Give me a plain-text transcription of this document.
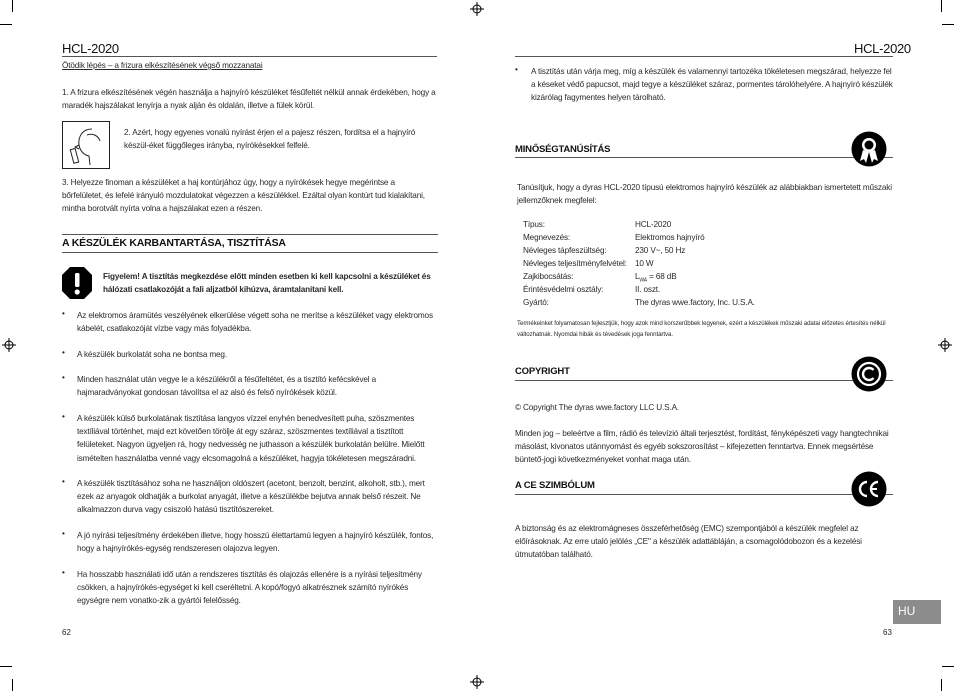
HCL-2020
Ötödik lépés – a frizura elkészítésének végső mozzanatai
1. A frizura elkészítésének végén használja a hajnyíró készüléket fésűfeltét nélkül annak érdekében, hogy a maradék hajszálakat lenyírja a nyak alján és oldalán, illetve a fülek körül.
2. Azért, hogy egyenes vonalú nyírást érjen el a pajesz részen, fordítsa el a hajnyíró készül-éket függőleges irányba, nyírókésekkel felfelé.
3. Helyezze finoman a készüléket a haj kontúrjához úgy, hogy a nyírókések hegye megérintse a bőrfelületet, és lefelé irányuló mozdulatokat végezzen a készülékkel. Ezáltal olyan kontúrt tud kialakítani, mintha borotvált nyírta volna a hajszálakat ezen a részen.
A KÉSZÜLÉK KARBANTARTÁSA, TISZTÍTÁSA
Figyelem! A tisztítás megkezdése előtt minden esetben ki kell kapcsolni a készüléket és hálózati csatlakozóját a fali aljzatból kihúzva, áramtalanítani kell.
• Az elektromos áramütés veszélyének elkerülése végett soha ne merítse a készüléket vagy elektromos kábelét, csatlakozóját vízbe vagy más folyadékba.
• A készülék burkolatát soha ne bontsa meg.
• Minden használat után vegye le a készülékről a fésűfeltétet, és a tisztító kefécskével a hajmaradványokat gondosan távolítsa el az alsó és felső nyírókések közül.
• A készülék külső burkolatának tisztítása langyos vízzel enyhén benedvesített puha, szöszmentes textíliával történhet, majd ezt követően törölje át egy száraz, szöszmentes textíliával a tisztított felületeket. Nagyon ügyeljen rá, hogy nedvesség ne juthasson a készülék burkolatán belülre. Mielőtt ismételten használatba venné vagy elcsomagolná a készüléket, hagyja tökéletesen megszáradni.
• A készülék tisztításához soha ne használjon oldószert (acetont, benzolt, benzint, alkoholt, stb.), mert ezek az anyagok oldhatják a burkolat anyagát, illetve a készülékbe bejutva annak belső részeit. Ne alkalmazzon durva vagy csiszoló hatású tisztítószereket.
• A jó nyírási teljesítmény érdekében illetve, hogy hosszú élettartamú legyen a hajnyíró készülék, fontos, hogy a hajnyírókés-egység rendszeresen olajozva legyen.
• Ha hosszabb használati idő után a rendszeres tisztítás és olajozás ellenére is a nyírási teljesítmény csökken, a hajnyírókés-egységet ki kell cseréltetni. A kopó/fogyó alkatrésznek számító nyírókés egységre nem vonatko-zik a gyártói felelősség.
62
HCL-2020
• A tisztítás után várja meg, míg a készülék és valamennyi tartozéka tökéletesen megszárad, helyezze fel a késeket védő papucsot, majd tegye a készüléket száraz, pormentes tárolóhelyére. A hajnyíró készülék kizárólag fagymentes helyen tárolható.
MINŐSÉGTANÚSÍTÁS
Tanúsítjuk, hogy a dyras HCL-2020 típusú elektromos hajnyíró készülék az alábbiakban ismertetett műszaki jellemzőknek megfelel:
Típus:	HCL-2020
Megnevezés:	Elektromos hajnyíró
Névleges tápfeszültség:	230 V~, 50 Hz
Névleges teljesítményfelvétel: 10 W
Zajkibocsátás:	$L_{WA} = 68$ dB
Érintésvédelmi osztály:	II. oszt.
Gyártó:	The dyras wwe.factory, Inc. U.S.A.
Termékeinket folyamatosan fejlesztjük, hogy azok mind korszerűbbek legyenek, ezért a készülékek műszaki adatai előzetes értesítés nélkül változhatnak. Nyomdai hibák és tévedések joga fenntartva.
COPYRIGHT
© Copyright The dyras wwe.factory LLC U.S.A.
Minden jog – beleértve a film, rádió és televízió általi terjesztést, fordítást, fényképészeti vagy hangtechnikai másolást, kivonatos utánnyomást és egyéb sokszorosítást – kifejezetten fenntartva. Ennek megsértése büntető-jogi következményeket vonhat maga után.
A CE SZIMBÓLUM
A biztonság és az elektromágneses összeférhetőség (EMC) szempontjából a készülék megfelel az előírásoknak. Az erre utaló jelölés „CE" a készülék adattábláján, a csomagolódobozon és a kezelési útmutatóban található.
HU
63
